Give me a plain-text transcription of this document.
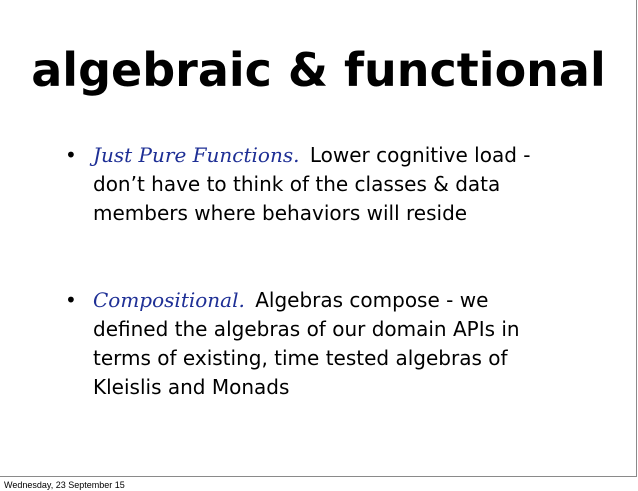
algebraic & functional
• Just Pure Functions. Lower cognitive load - don’t have to think of the classes & data members where behaviors will reside
• Compositional. Algebras compose - we defined the algebras of our domain APIs in terms of existing, time tested algebras of Kleislis and Monads
Wednesday, 23 September 15
